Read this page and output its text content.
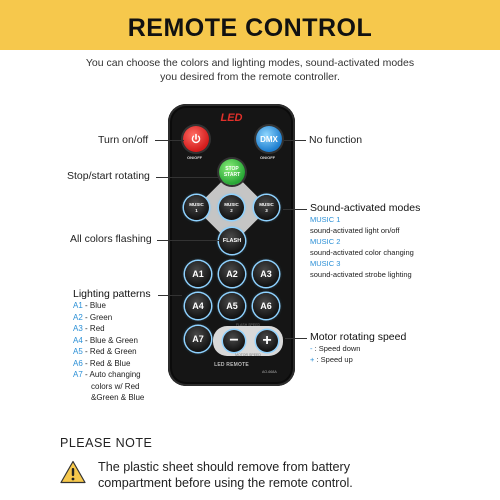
REMOTE CONTROL
You can choose the colors and lighting modes, sound-activated modes
you desired from the remote controller.
LED
ON/OFF
DMX
ON/OFF
STOP
START
MUSIC
1
MUSIC
2
MUSIC
3
FLASH
A1	A2	A3
A4	A5	A6
A7
FLASH SPEED
−	+
MOTOR SPEED
LED REMOTE
AO-668A
Turn on/off
Stop/start rotating
All colors flashing
No function
Sound-activated modes
MUSIC 1
sound-activated light on/off
MUSIC 2
sound-activated color changing
MUSIC 3
sound-activated strobe lighting
Motor rotating speed
- : Speed down
+ : Speed up
Lighting patterns
A1 - Blue
A2 - Green
A3 - Red
A4 - Blue & Green
A5 - Red & Green
A6 - Red & Blue
A7 - Auto changing
colors w/ Red
&Green & Blue
PLEASE NOTE
The plastic sheet should remove from battery
compartment before using the remote control.
